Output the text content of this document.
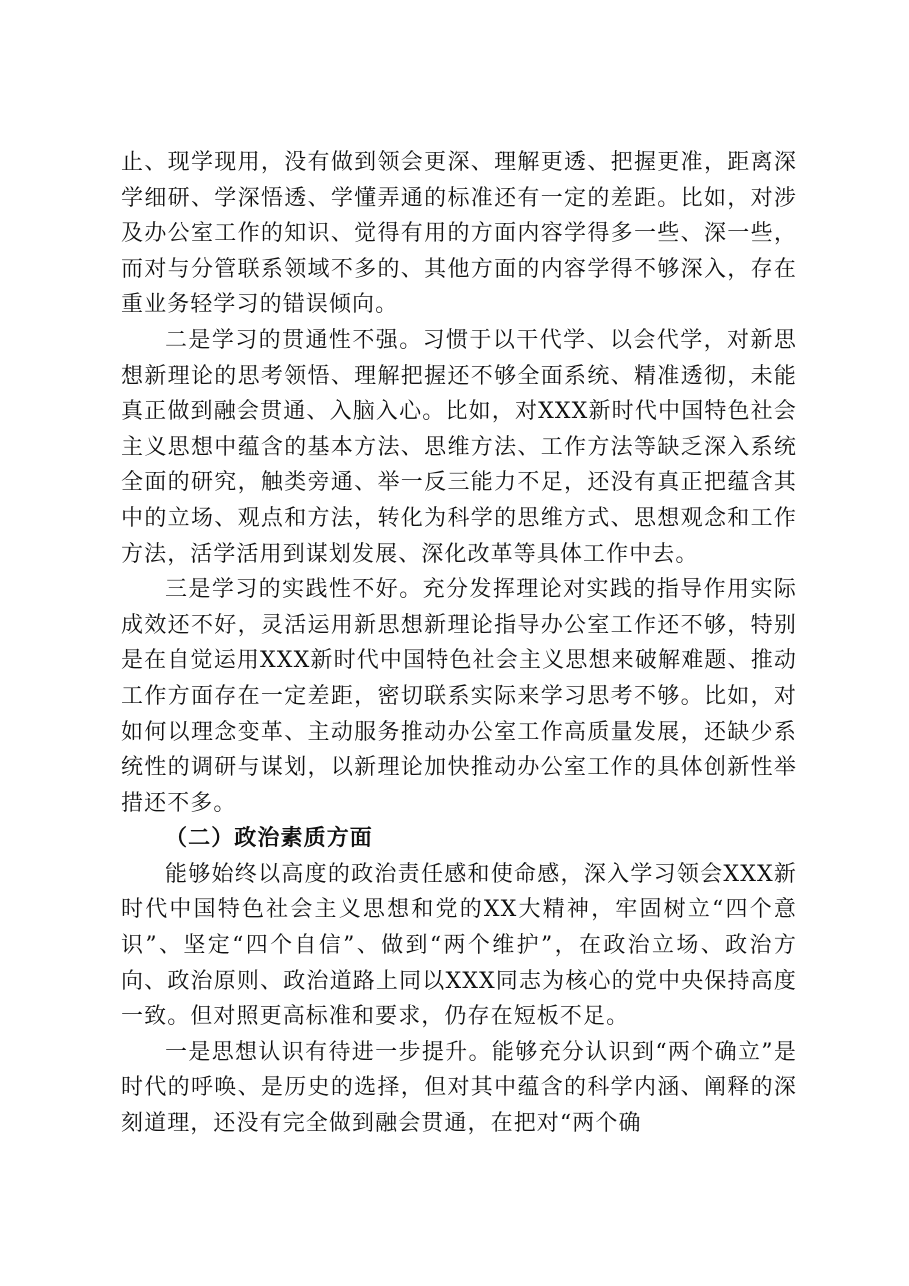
止、现学现用，没有做到领会更深、理解更透、把握更准，距离深学细研、学深悟透、学懂弄通的标准还有一定的差距。比如，对涉及办公室工作的知识、觉得有用的方面内容学得多一些、深一些，而对与分管联系领域不多的、其他方面的内容学得不够深入，存在重业务轻学习的错误倾向。

二是学习的贯通性不强。习惯于以干代学、以会代学，对新思想新理论的思考领悟、理解把握还不够全面系统、精准透彻，未能真正做到融会贯通、入脑入心。比如，对XXX新时代中国特色社会主义思想中蕴含的基本方法、思维方法、工作方法等缺乏深入系统全面的研究，触类旁通、举一反三能力不足，还没有真正把蕴含其中的立场、观点和方法，转化为科学的思维方式、思想观念和工作方法，活学活用到谋划发展、深化改革等具体工作中去。

三是学习的实践性不好。充分发挥理论对实践的指导作用实际成效还不好，灵活运用新思想新理论指导办公室工作还不够，特别是在自觉运用XXX新时代中国特色社会主义思想来破解难题、推动工作方面存在一定差距，密切联系实际来学习思考不够。比如，对如何以理念变革、主动服务推动办公室工作高质量发展，还缺少系统性的调研与谋划，以新理论加快推动办公室工作的具体创新性举措还不多。

（二）政治素质方面

能够始终以高度的政治责任感和使命感，深入学习领会XXX新时代中国特色社会主义思想和党的XX大精神，牢固树立“四个意识”、坚定“四个自信”、做到“两个维护”，在政治立场、政治方向、政治原则、政治道路上同以XXX同志为核心的党中央保持高度一致。但对照更高标准和要求，仍存在短板不足。

一是思想认识有待进一步提升。能够充分认识到“两个确立”是时代的呼唤、是历史的选择，但对其中蕴含的科学内涵、阐释的深刻道理，还没有完全做到融会贯通，在把对“两个确
